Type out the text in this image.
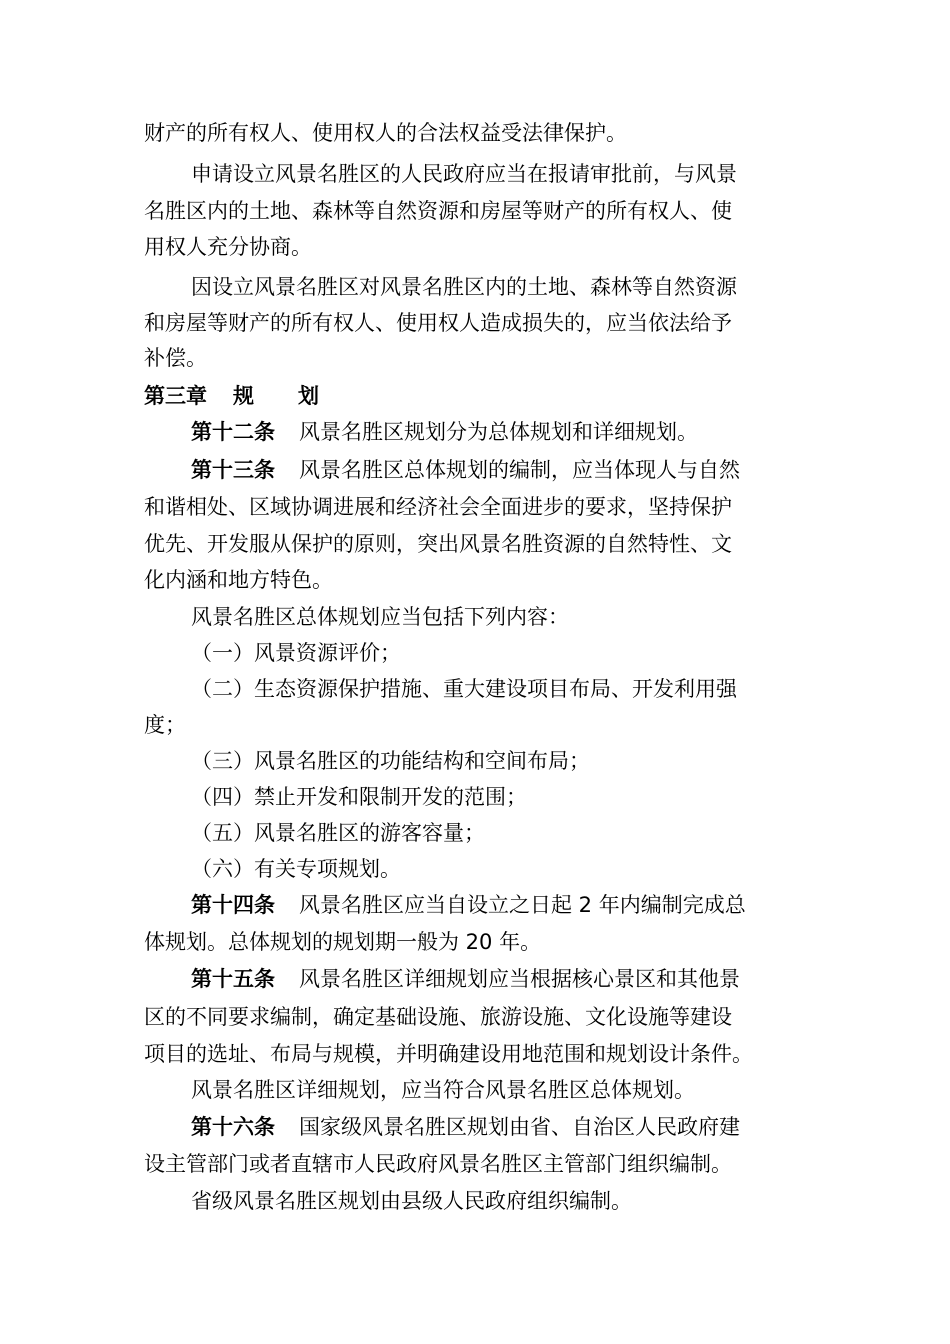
财产的所有权人、使用权人的合法权益受法律保护。
申请设立风景名胜区的人民政府应当在报请审批前，与风景
名胜区内的土地、森林等自然资源和房屋等财产的所有权人、使
用权人充分协商。
因设立风景名胜区对风景名胜区内的土地、森林等自然资源
和房屋等财产的所有权人、使用权人造成损失的，应当依法给予
补偿。
第三章 规 划
第十二条 风景名胜区规划分为总体规划和详细规划。
第十三条 风景名胜区总体规划的编制，应当体现人与自然
和谐相处、区域协调进展和经济社会全面进步的要求，坚持保护
优先、开发服从保护的原则，突出风景名胜资源的自然特性、文
化内涵和地方特色。
风景名胜区总体规划应当包括下列内容：
（一）风景资源评价；
（二）生态资源保护措施、重大建设项目布局、开发利用强
度；
（三）风景名胜区的功能结构和空间布局；
（四）禁止开发和限制开发的范围；
（五）风景名胜区的游客容量；
（六）有关专项规划。
第十四条 风景名胜区应当自设立之日起 2 年内编制完成总
体规划。总体规划的规划期一般为 20 年。
第十五条 风景名胜区详细规划应当根据核心景区和其他景
区的不同要求编制，确定基础设施、旅游设施、文化设施等建设
项目的选址、布局与规模，并明确建设用地范围和规划设计条件。
风景名胜区详细规划，应当符合风景名胜区总体规划。
第十六条 国家级风景名胜区规划由省、自治区人民政府建
设主管部门或者直辖市人民政府风景名胜区主管部门组织编制。
省级风景名胜区规划由县级人民政府组织编制。
